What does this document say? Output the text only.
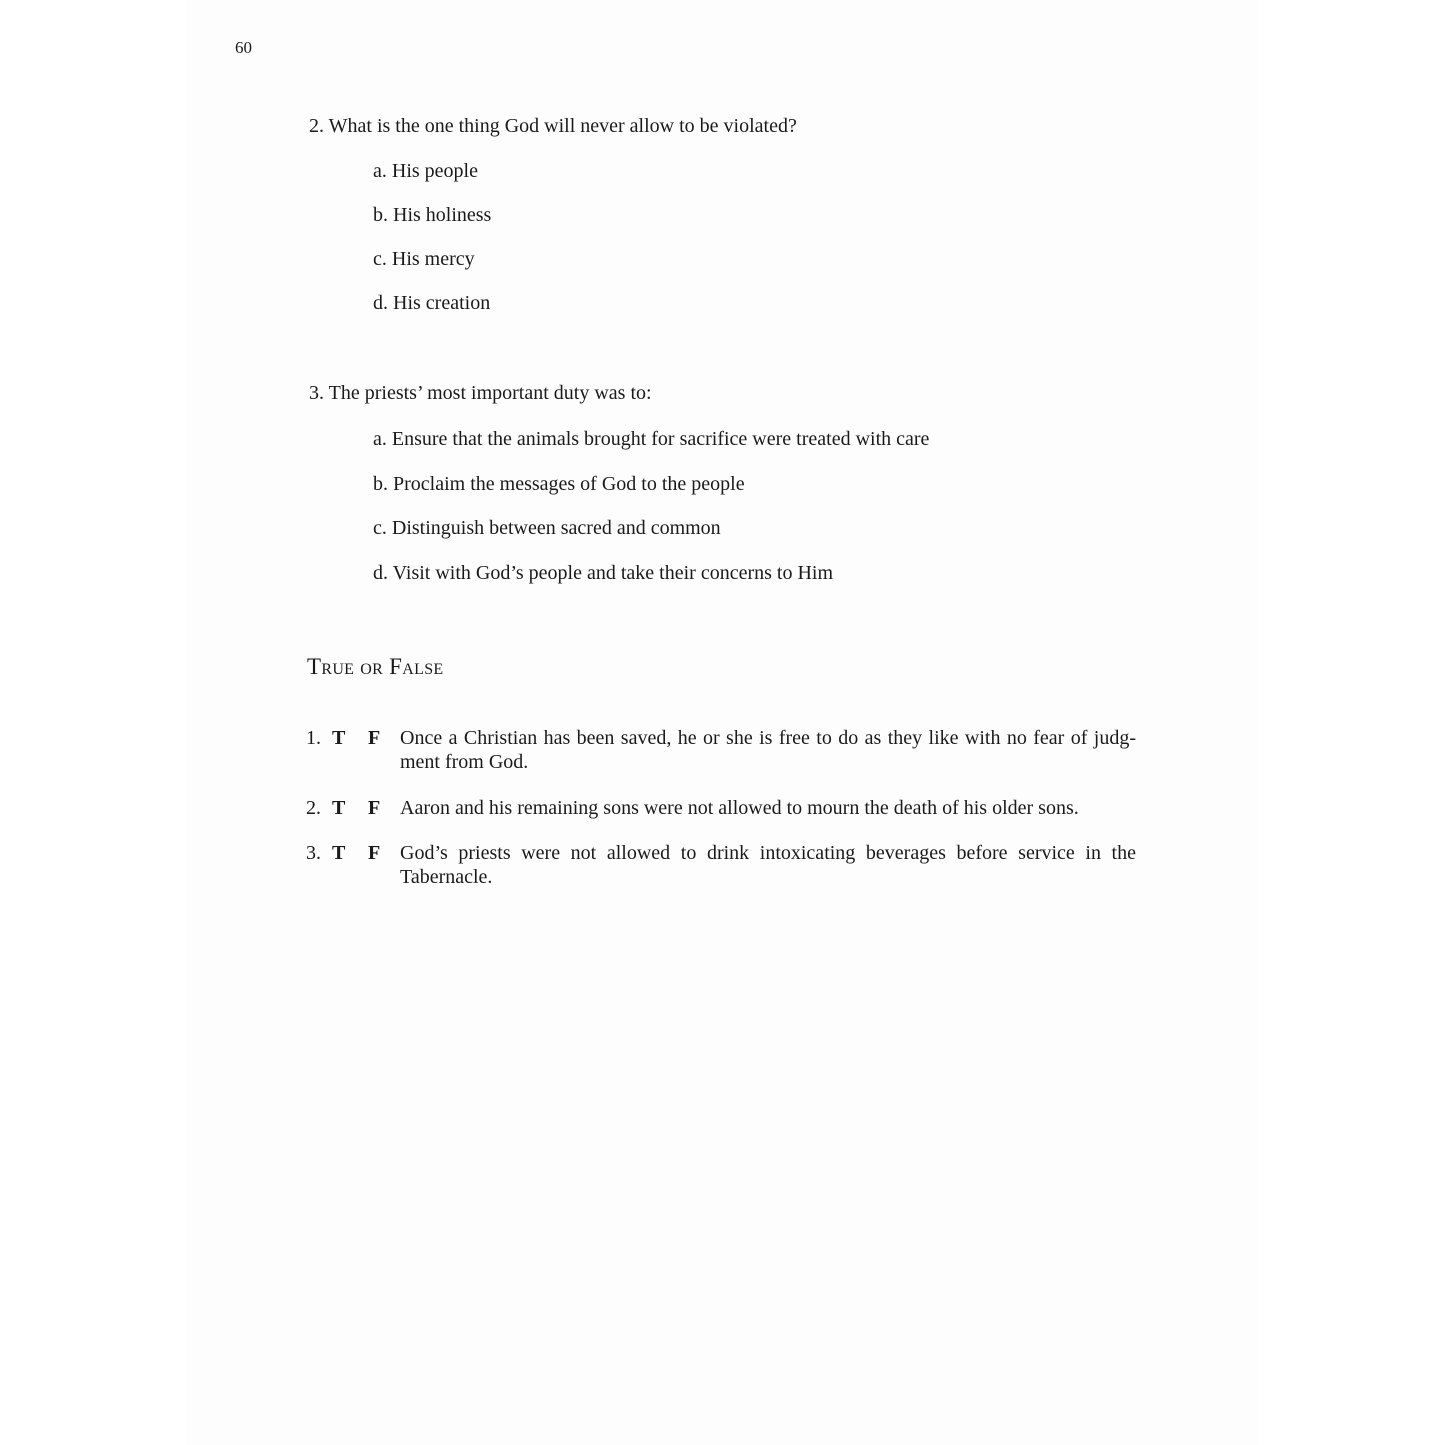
60
2. What is the one thing God will never allow to be violated?
a. His people
b. His holiness
c. His mercy
d. His creation
3. The priests’ most important duty was to:
a. Ensure that the animals brought for sacrifice were treated with care
b. Proclaim the messages of God to the people
c. Distinguish between sacred and common
d. Visit with God’s people and take their concerns to Him
True or False
1. T F Once a Christian has been saved, he or she is free to do as they like with no fear of judg-ment from God.
2. T F Aaron and his remaining sons were not allowed to mourn the death of his older sons.
3. T F God’s priests were not allowed to drink intoxicating beverages before service in the Tabernacle.
